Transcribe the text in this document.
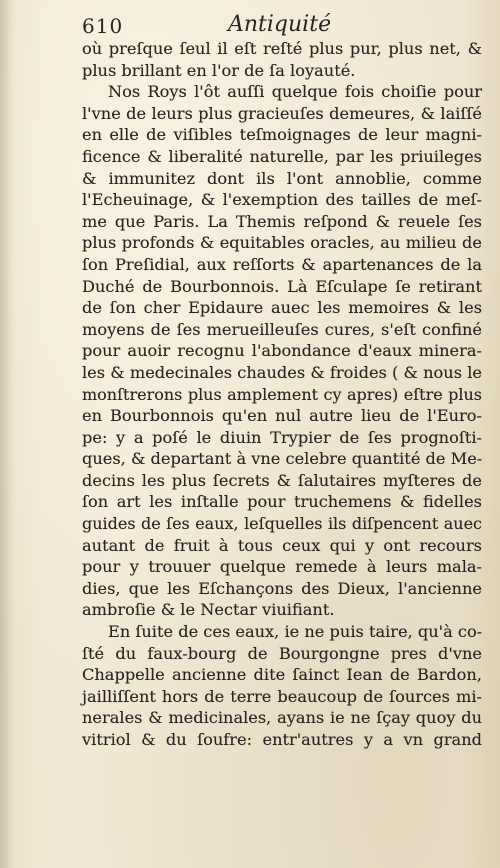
610	Antiquité
où preſque ſeul il eſt reſté plus pur, plus net, &
plus brillant en l'or de ſa loyauté.
Nos Roys l'ôt auſſi quelque fois choiſie pour
l'vne de leurs plus gracieuſes demeures, & laiſſé
en elle de viſibles teſmoignages de leur magni-
ficence & liberalité naturelle, par les priuileges
& immunitez dont ils l'ont annoblie, comme
l'Echeuinage, & l'exemption des tailles de meſ-
me que Paris. La Themis reſpond & reuele ſes
plus profonds & equitables oracles, au milieu de
ſon Preſidial, aux reſſorts & apartenances de la
Duché de Bourbonnois. Là Eſculape ſe retirant
de ſon cher Epidaure auec les memoires & les
moyens de ſes merueilleuſes cures, s'eſt confiné
pour auoir recognu l'abondance d'eaux minera-
les & medecinales chaudes & froides ( & nous le
monſtrerons plus amplement cy apres) eſtre plus
en Bourbonnois qu'en nul autre lieu de l'Euro-
pe: y a poſé le diuin Trypier de ſes prognoſti-
ques, & departant à vne celebre quantité de Me-
decins les plus ſecrets & ſalutaires myſteres de
ſon art les inſtalle pour truchemens & fidelles
guides de ſes eaux, leſquelles ils diſpencent auec
autant de fruit à tous ceux qui y ont recours
pour y trouuer quelque remede à leurs mala-
dies, que les Eſchançons des Dieux, l'ancienne
ambroſie & le Nectar viuifiant.
En ſuite de ces eaux, ie ne puis taire, qu'à co-
ſté du faux-bourg de Bourgongne pres d'vne
Chappelle ancienne dite ſainct Iean de Bardon,
jailliſſent hors de terre beaucoup de ſources mi-
nerales & medicinales, ayans ie ne ſçay quoy du
vitriol & du ſoufre: entr'autres y a vn grand
